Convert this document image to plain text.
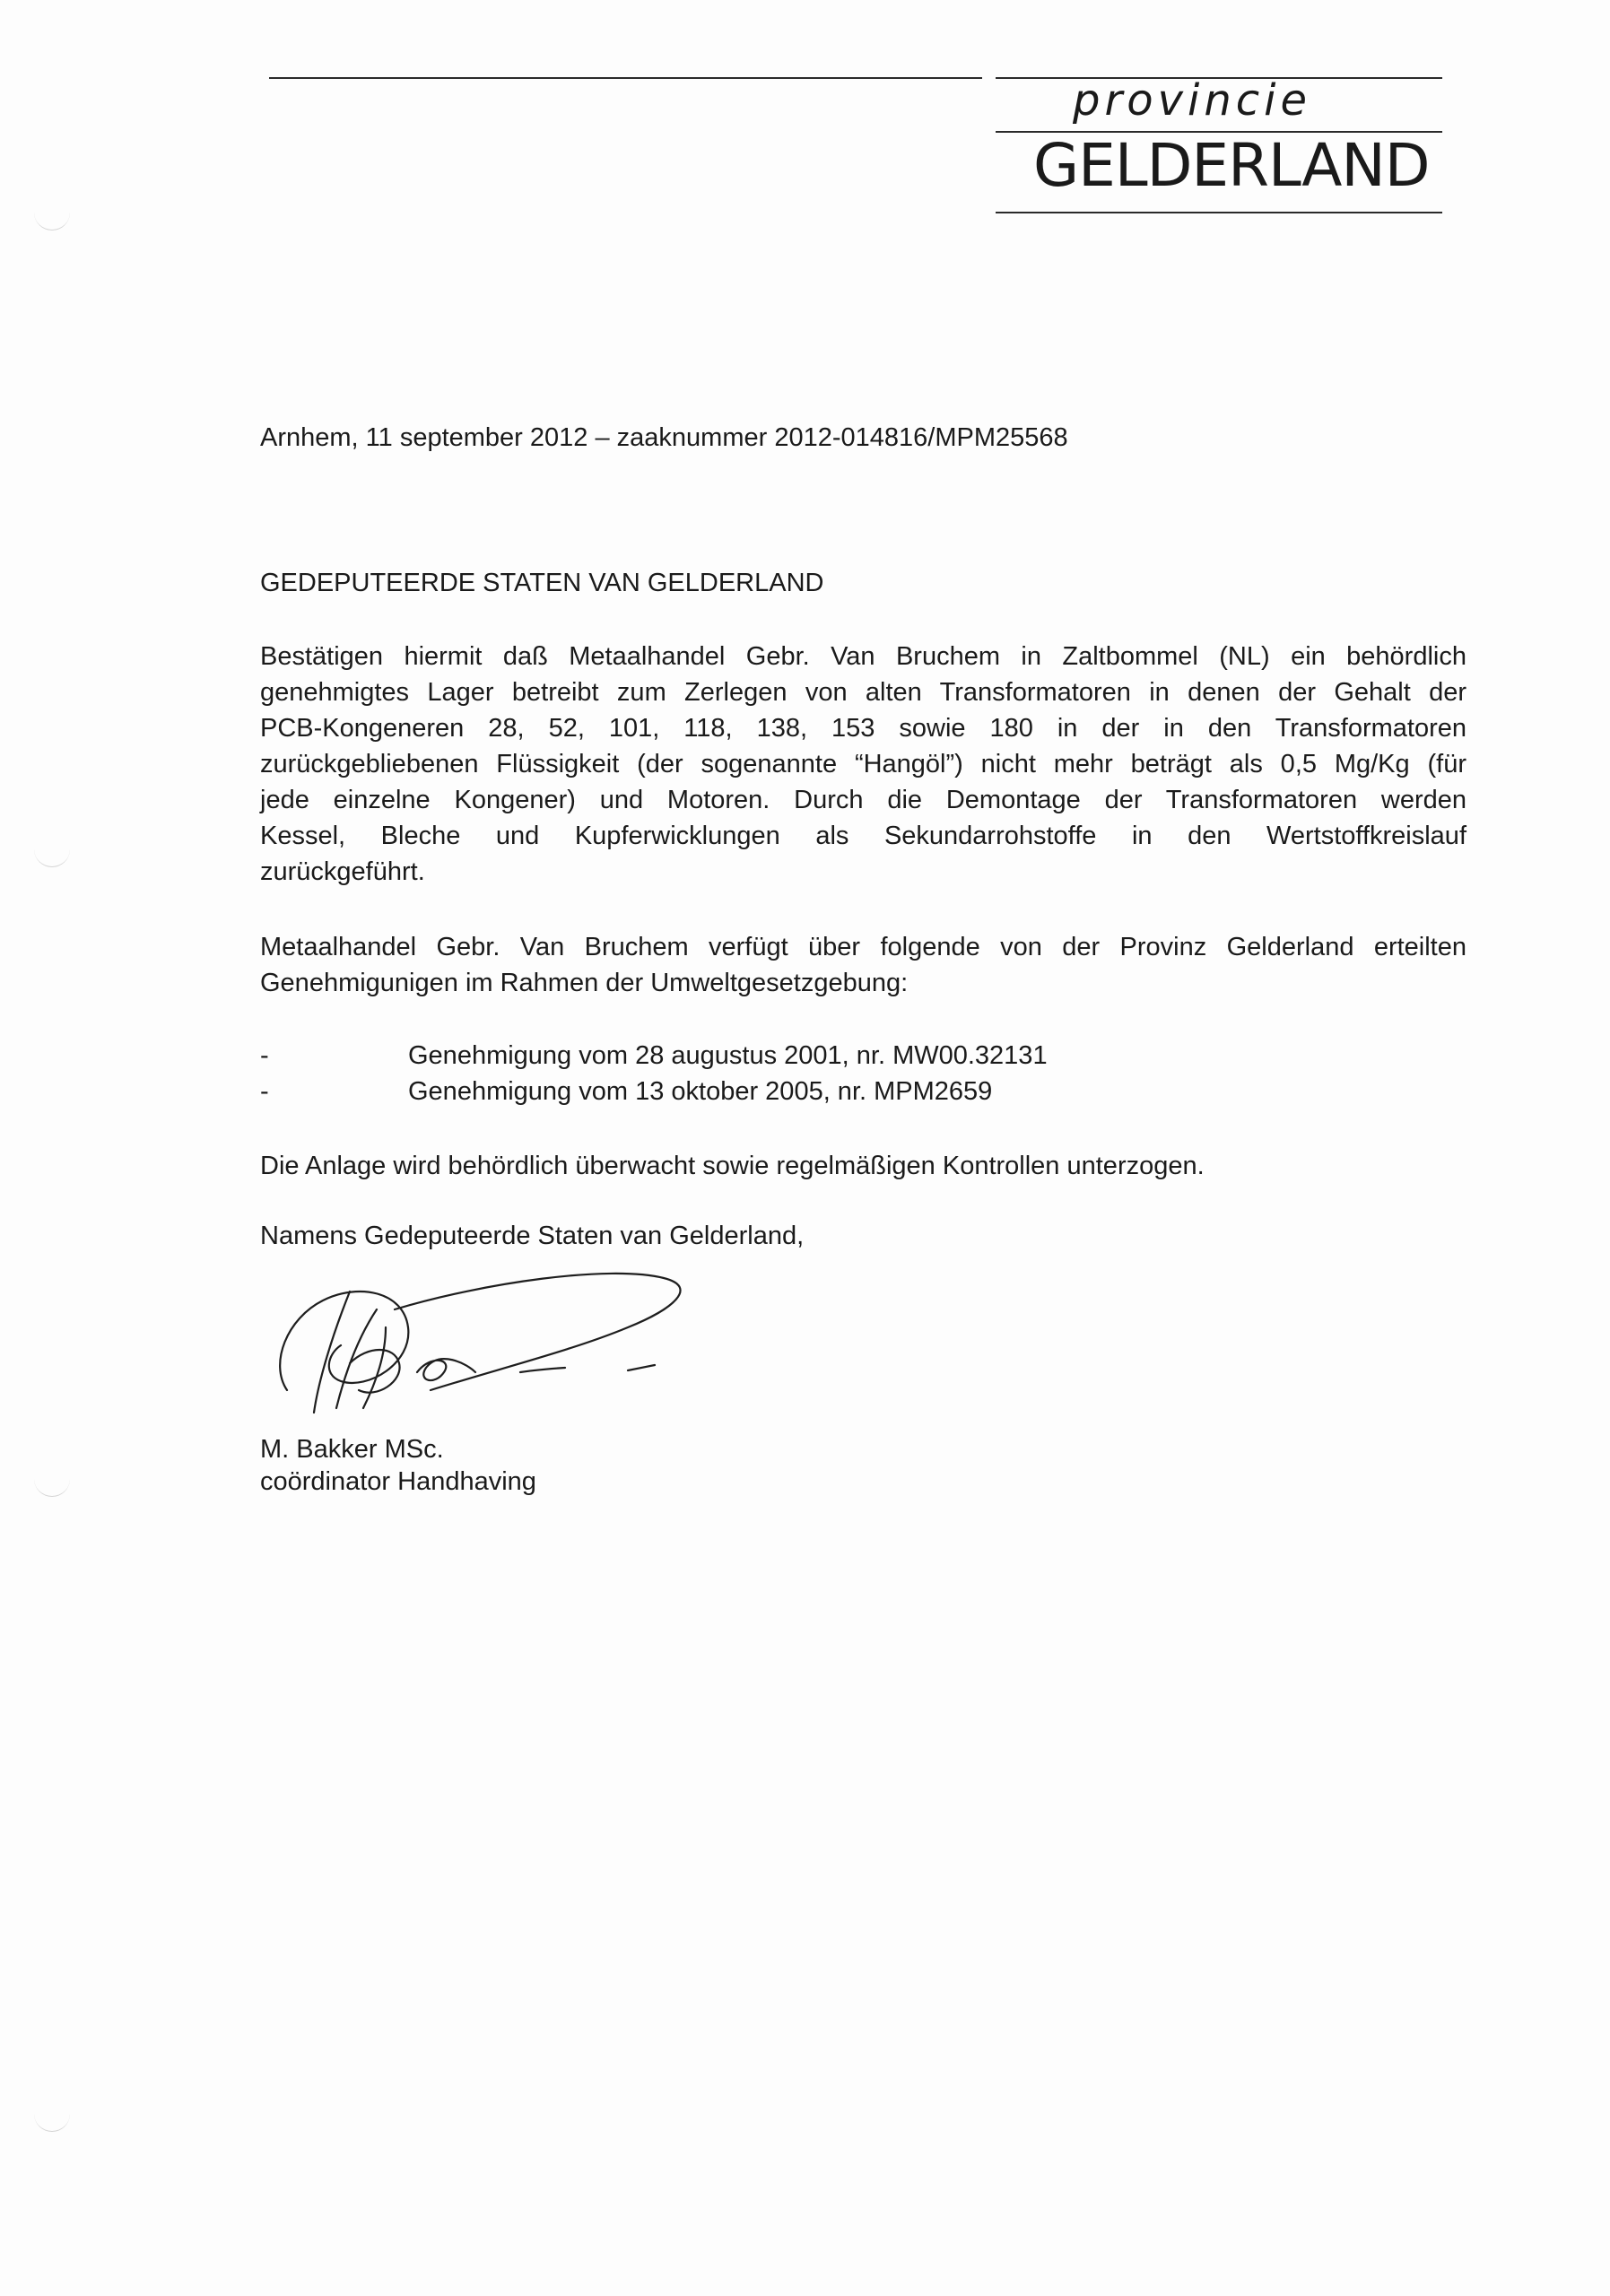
provincie
GELDERLAND
Arnhem, 11 september 2012 – zaaknummer 2012-014816/MPM25568
GEDEPUTEERDE STATEN VAN GELDERLAND
Bestätigen hiermit daß Metaalhandel Gebr. Van Bruchem in Zaltbommel (NL) ein behördlich
genehmigtes Lager betreibt zum Zerlegen von alten Transformatoren in denen der Gehalt der
PCB-Kongeneren 28, 52, 101, 118, 138, 153 sowie 180 in der in den Transformatoren
zurückgebliebenen Flüssigkeit (der sogenannte “Hangöl”) nicht mehr beträgt als 0,5 Mg/Kg (für
jede einzelne Kongener) und Motoren. Durch die Demontage der Transformatoren werden
Kessel, Bleche und Kupferwicklungen als Sekundarrohstoffe in den Wertstoffkreislauf
zurückgeführt.
Metaalhandel Gebr. Van Bruchem verfügt über folgende von der Provinz Gelderland erteilten
Genehmigunigen im Rahmen der Umweltgesetzgebung:
-	Genehmigung vom 28 augustus 2001, nr. MW00.32131
-	Genehmigung vom 13 oktober 2005, nr. MPM2659
Die Anlage wird behördlich überwacht sowie regelmäßigen Kontrollen unterzogen.
Namens Gedeputeerde Staten van Gelderland,
M. Bakker MSc.
coördinator Handhaving
